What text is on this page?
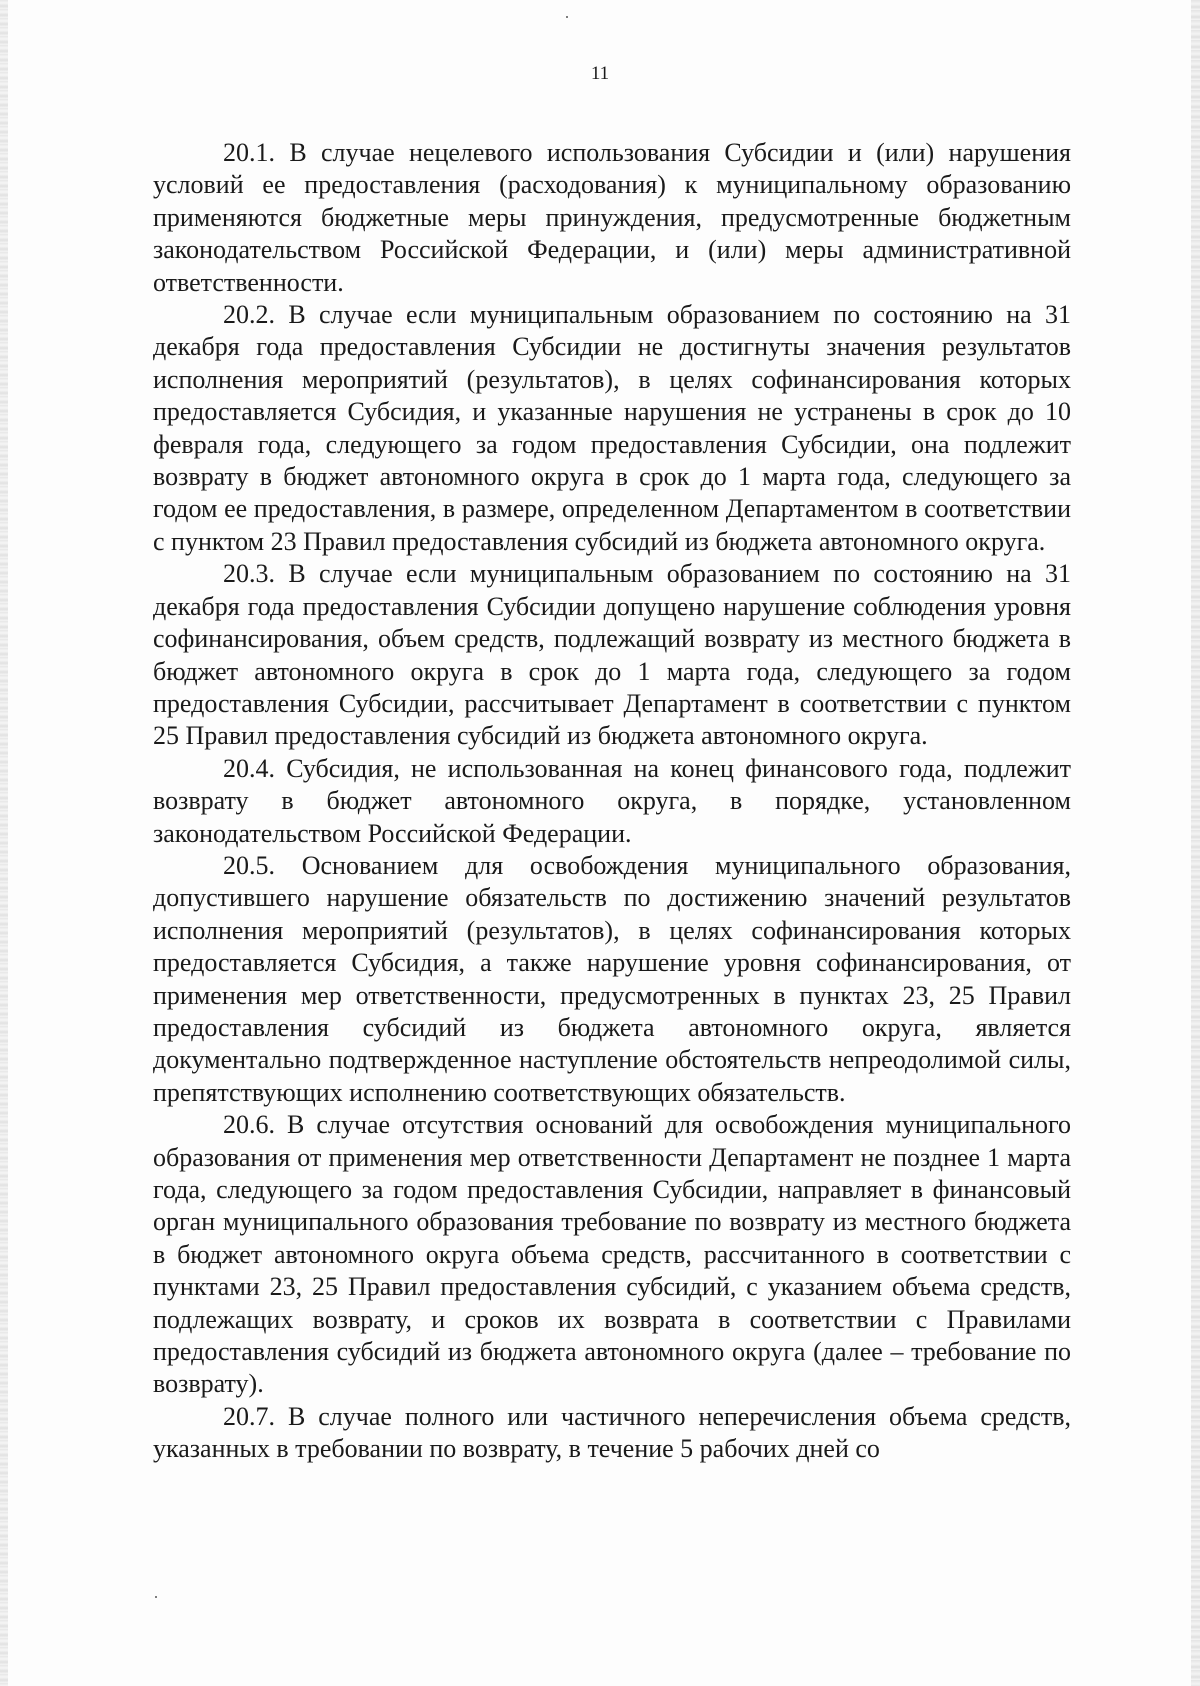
11

20.1. В случае нецелевого использования Субсидии и (или) нарушения условий ее предоставления (расходования) к муниципальному образованию применяются бюджетные меры принуждения, предусмотренные бюджетным законодательством Российской Федерации, и (или) меры административной ответственности.

20.2. В случае если муниципальным образованием по состоянию на 31 декабря года предоставления Субсидии не достигнуты значения результатов исполнения мероприятий (результатов), в целях софинансирования которых предоставляется Субсидия, и указанные нарушения не устранены в срок до 10 февраля года, следующего за годом предоставления Субсидии, она подлежит возврату в бюджет автономного округа в срок до 1 марта года, следующего за годом ее предоставления, в размере, определенном Департаментом в соответствии с пунктом 23 Правил предоставления субсидий из бюджета автономного округа.

20.3. В случае если муниципальным образованием по состоянию на 31 декабря года предоставления Субсидии допущено нарушение соблюдения уровня софинансирования, объем средств, подлежащий возврату из местного бюджета в бюджет автономного округа в срок до 1 марта года, следующего за годом предоставления Субсидии, рассчитывает Департамент в соответствии с пунктом 25 Правил предоставления субсидий из бюджета автономного округа.

20.4. Субсидия, не использованная на конец финансового года, подлежит возврату в бюджет автономного округа, в порядке, установленном законодательством Российской Федерации.

20.5. Основанием для освобождения муниципального образования, допустившего нарушение обязательств по достижению значений результатов исполнения мероприятий (результатов), в целях софинансирования которых предоставляется Субсидия, а также нарушение уровня софинансирования, от применения мер ответственности, предусмотренных в пунктах 23, 25 Правил предоставления субсидий из бюджета автономного округа, является документально подтвержденное наступление обстоятельств непреодолимой силы, препятствующих исполнению соответствующих обязательств.

20.6. В случае отсутствия оснований для освобождения муниципального образования от применения мер ответственности Департамент не позднее 1 марта года, следующего за годом предоставления Субсидии, направляет в финансовый орган муниципального образования требование по возврату из местного бюджета в бюджет автономного округа объема средств, рассчитанного в соответствии с пунктами 23, 25 Правил предоставления субсидий, с указанием объема средств, подлежащих возврату, и сроков их возврата в соответствии с Правилами предоставления субсидий из бюджета автономного округа (далее – требование по возврату).

20.7. В случае полного или частичного неперечисления объема средств, указанных в требовании по возврату, в течение 5 рабочих дней со
